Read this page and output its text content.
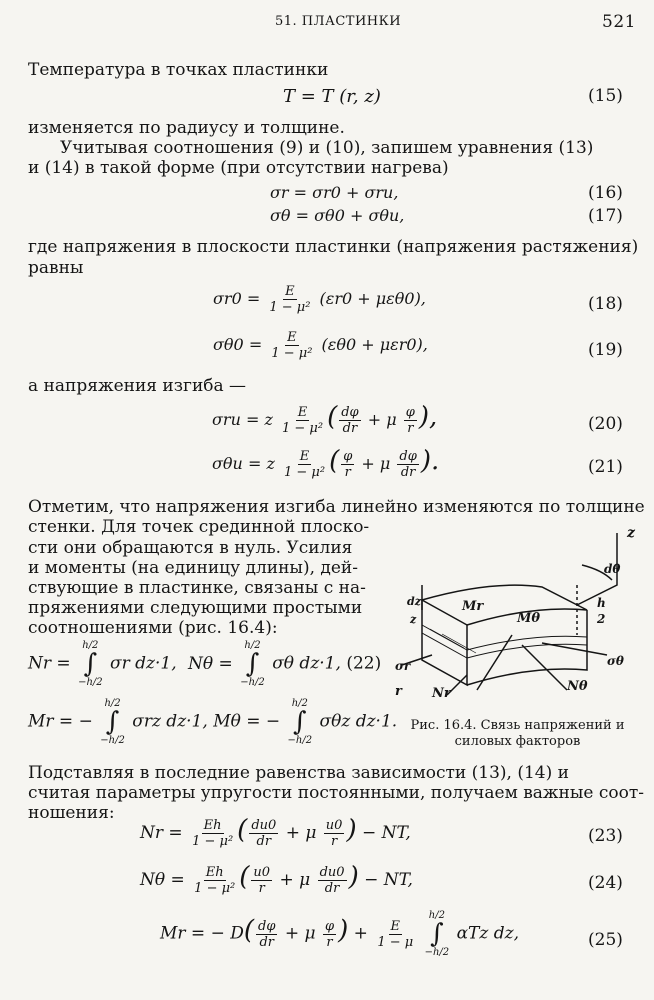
51. ПЛАСТИНКИ	521
Температура в точках пластинки
T = T (r, z)	(15)
изменяется по радиусу и толщине.
Учитывая соотношения (9) и (10), запишем уравнения (13)
и (14) в такой форме (при отсутствии нагрева)
σr = σr0 + σru,	(16)
σθ = σθ0 + σθu,	(17)
где напряжения в плоскости пластинки (напряжения растяжения)
равны
$\sigma r0 = \frac{E}{\text{1 − μ²}} (\varepsilon r0 + \mu\varepsilon\theta 0)$,	(18)
$\sigma\theta 0 = \frac{E}{\text{1 − μ²}} (\varepsilon\theta 0 + \mu\varepsilon r0)$,	(19)
а напряжения изгиба —
σru = z $\frac{E}{\text{1 − μ²}}$ ( $\frac{d\varphi}{dr} + \mu \frac{\varphi}{r}$ ),	(20)
σθu = z $\frac{E}{\text{1 − μ²}}$ ( $\frac{\varphi}{r} + \mu \frac{d\varphi}{dr}$ ).	(21)
Отметим, что напряжения изгиба линейно изменяются по толщине
стенки. Для точек срединной плоско-
сти они обращаются в нуль. Усилия
и моменты (на единицу длины), дей-
ствующие в пластинке, связаны с на-
пряжениями следующими простыми
соотношениями (рис. 16.4):
Nr =
h/2
∫
−h/2
σr dz·1, Nθ =
h/2
∫
−h/2
σθ dz·1, (22)
Mr = −
h/2
∫
−h/2
σrz dz·1, Mθ = −
h/2
∫
−h/2
σθz dz·1.
z
dθ
dz
z
h
2
Mr
Mθ
σr	σθ
r Nr	Nθ
Рис. 16.4. Связь напряжений и
силовых факторов
Подставляя в последние равенства зависимости (13), (14) и
считая параметры упругости постоянными, получаем важные соот-
ношения:
$Nr = \frac{Eh}{\text{1 − μ²}}$ ( $\frac{du0}{dr} + \mu \frac{u0}{r}$ ) − NT,	(23)
$N\theta = \frac{Eh}{\text{1 − μ²}}$ ( $\frac{u0}{r} + \mu \frac{du0}{dr}$ ) − NT,	(24)
Mr = − $D( \frac{d\varphi}{dr} + \mu \frac{\varphi}{r}$ ) + $\frac{E}{1 - \mu}$

h/2
∫
−h/2
αTz dz,	(25)
